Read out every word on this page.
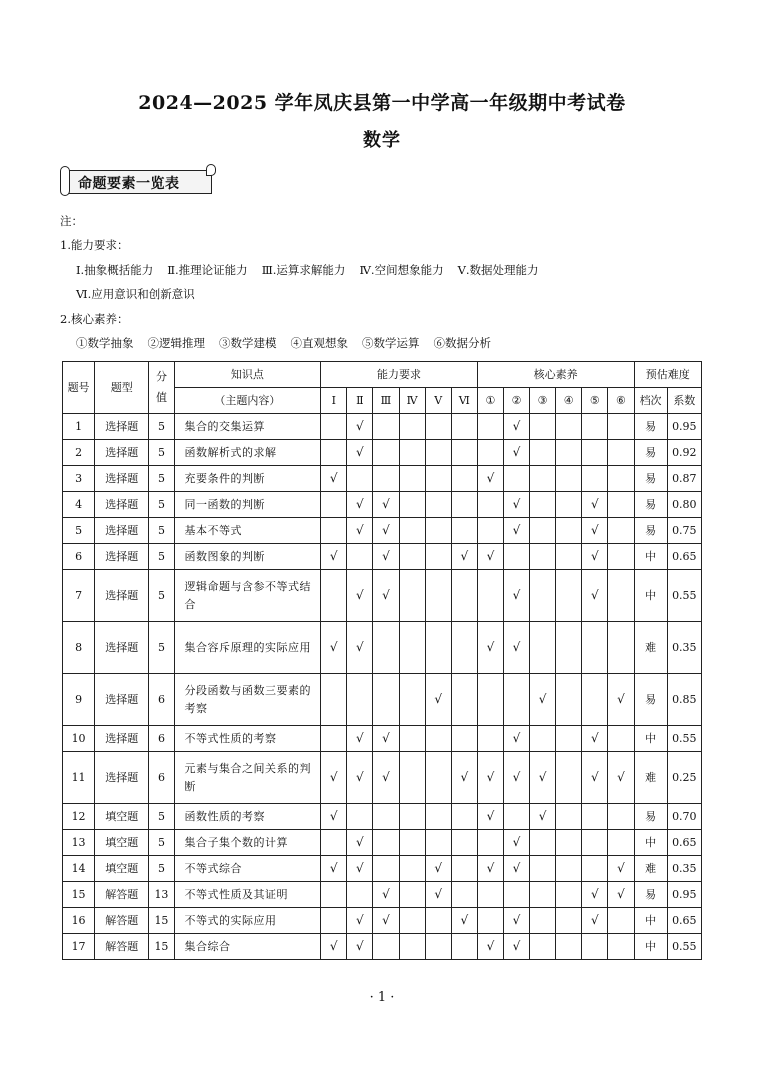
2024—2025 学年凤庆县第一中学高一年级期中考试卷
数学
命题要素一览表
注：
1.能力要求：
Ⅰ.抽象概括能力 Ⅱ.推理论证能力 Ⅲ.运算求解能力 Ⅳ.空间想象能力 Ⅴ.数据处理能力
Ⅵ.应用意识和创新意识
2.核心素养：
①数学抽象 ②逻辑推理 ③数学建模 ④直观想象 ⑤数学运算 ⑥数据分析
题号	题型	分值	知识点	能力要求						核心素养						预估难度	
			（主题内容）	Ⅰ	Ⅱ	Ⅲ	Ⅳ	Ⅴ	Ⅵ	①	②	③	④	⑤	⑥	档次	系数
1	选择题	5	集合的交集运算		√						√					易	0.95
2	选择题	5	函数解析式的求解		√						√					易	0.92
3	选择题	5	充要条件的判断	√						√						易	0.87
4	选择题	5	同一函数的判断		√	√					√			√		易	0.80
5	选择题	5	基本不等式		√	√					√			√		易	0.75
6	选择题	5	函数图象的判断	√		√			√	√				√		中	0.65
7	选择题	5	逻辑命题与含参不等式结合		√	√					√			√		中	0.55
8	选择题	5	集合容斥原理的实际应用	√	√					√	√					难	0.35
9	选择题	6	分段函数与函数三要素的考察					√				√			√	易	0.85
10	选择题	6	不等式性质的考察		√	√					√			√		中	0.55
11	选择题	6	元素与集合之间关系的判断	√	√	√			√	√	√	√		√	√	难	0.25
12	填空题	5	函数性质的考察	√						√		√				易	0.70
13	填空题	5	集合子集个数的计算		√						√					中	0.65
14	填空题	5	不等式综合	√	√			√		√	√				√	难	0.35
15	解答题	13	不等式性质及其证明			√		√						√	√	易	0.95
16	解答题	15	不等式的实际应用		√	√			√		√			√		中	0.65
17	解答题	15	集合综合	√	√					√	√					中	0.55
· 1 ·
